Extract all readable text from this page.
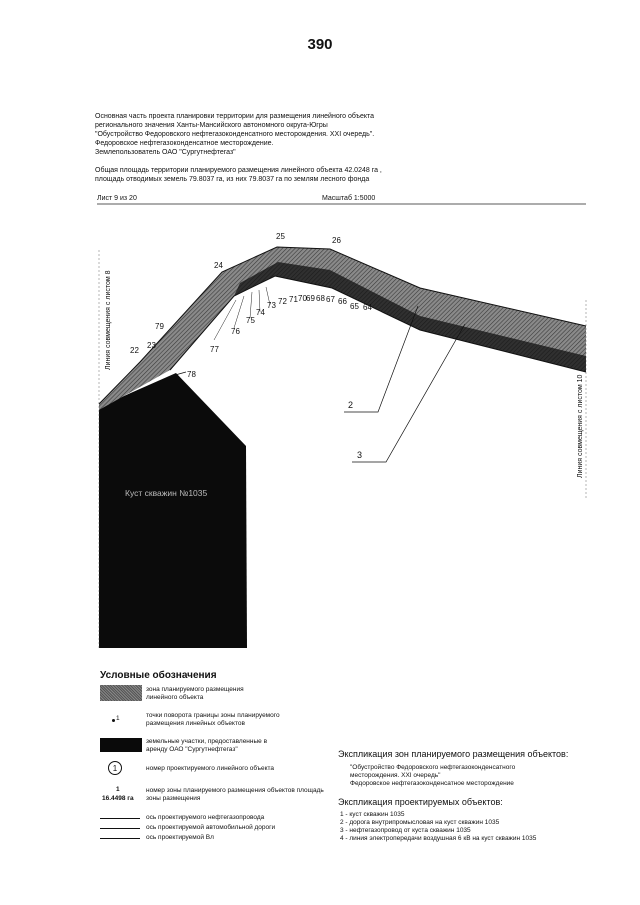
390
Основная часть проекта планировки территории для размещения линейного объекта
регионального значения Ханты-Мансийского автономного округа-Югры
"Обустройство Федоровского нефтегазоконденсатного месторождения. XXI очередь".
Федоровское нефтегазоконденсатное месторождение.
Землепользователь ОАО "Сургутнефтегаз"
Общая площадь территории планируемого размещения линейного объекта 42.0248 га ,
площадь отводимых земель 79.8037 га, из них 79.8037 га по землям лесного фонда
Лист 9 из 20	Масштаб 1:5000
25	26
24
79
23
22
78
77
76
75
74
73 72 71 70 69 68 67 66
65 64
2
3
Куст скважин №1035
Линия совмещения с листом 8
Линия совмещения с листом 10
Условные обозначения
зона планируемого размещения линейного объекта
1	точки поворота границы зоны планируемого размещения линейных объектов
земельные участки, предоставленные в аренду ОАО "Сургутнефтегаз"
1	номер проектируемого линейного объекта
1
16.4498 га
номер зоны планируемого размещения объектов площадь зоны размещения
ось проектируемого нефтегазопровода
ось проектируемой автомобильной дороги
ось проектируемой Вл
Экспликация зон планируемого размещения объектов:
"Обустройство Федоровского нефтегазоконденсатного
месторождения. XXI очередь"
Федоровское нефтегазоконденсатное месторождение
Экспликация проектируемых объектов:
1 - куст скважин 1035
2 - дорога внутрипромысловая на куст скважин 1035
3 - нефтегазопровод от куста скважин 1035
4 - линия электропередачи воздушная 6 кВ на куст скважин 1035
